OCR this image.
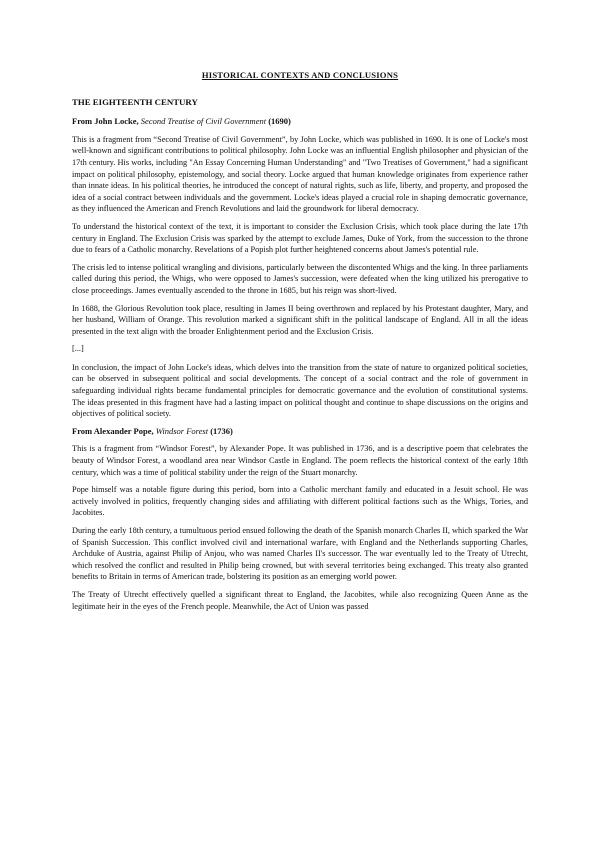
HISTORICAL CONTEXTS AND CONCLUSIONS
THE EIGHTEENTH CENTURY
From John Locke, Second Treatise of Civil Government (1690)

This is a fragment from “Second Treatise of Civil Government”, by John Locke, which was published in 1690. It is one of Locke's most well-known and significant contributions to political philosophy. John Locke was an influential English philosopher and physician of the 17th century. His works, including "An Essay Concerning Human Understanding" and "Two Treatises of Government," had a significant impact on political philosophy, epistemology, and social theory. Locke argued that human knowledge originates from experience rather than innate ideas. In his political theories, he introduced the concept of natural rights, such as life, liberty, and property, and proposed the idea of a social contract between individuals and the government. Locke's ideas played a crucial role in shaping democratic governance, as they influenced the American and French Revolutions and laid the groundwork for liberal democracy.

To understand the historical context of the text, it is important to consider the Exclusion Crisis, which took place during the late 17th century in England. The Exclusion Crisis was sparked by the attempt to exclude James, Duke of York, from the succession to the throne due to fears of a Catholic monarchy. Revelations of a Popish plot further heightened concerns about James's potential rule.

The crisis led to intense political wrangling and divisions, particularly between the discontented Whigs and the king. In three parliaments called during this period, the Whigs, who were opposed to James's succession, were defeated when the king utilized his prerogative to close proceedings. James eventually ascended to the throne in 1685, but his reign was short-lived.

In 1688, the Glorious Revolution took place, resulting in James II being overthrown and replaced by his Protestant daughter, Mary, and her husband, William of Orange. This revolution marked a significant shift in the political landscape of England. All in all the ideas presented in the text align with the broader Enlightenment period and the Exclusion Crisis.

[...]

In conclusion, the impact of John Locke's ideas, which delves into the transition from the state of nature to organized political societies, can be observed in subsequent political and social developments. The concept of a social contract and the role of government in safeguarding individual rights became fundamental principles for democratic governance and the evolution of constitutional systems. The ideas presented in this fragment have had a lasting impact on political thought and continue to shape discussions on the origins and objectives of political society.

From Alexander Pope, Windsor Forest (1736)

This is a fragment from “Windsor Forest”, by Alexander Pope. It was published in 1736, and is a descriptive poem that celebrates the beauty of Windsor Forest, a woodland area near Windsor Castle in England. The poem reflects the historical context of the early 18th century, which was a time of political stability under the reign of the Stuart monarchy.

Pope himself was a notable figure during this period, born into a Catholic merchant family and educated in a Jesuit school. He was actively involved in politics, frequently changing sides and affiliating with different political factions such as the Whigs, Tories, and Jacobites.

During the early 18th century, a tumultuous period ensued following the death of the Spanish monarch Charles II, which sparked the War of Spanish Succession. This conflict involved civil and international warfare, with England and the Netherlands supporting Charles, Archduke of Austria, against Philip of Anjou, who was named Charles II's successor. The war eventually led to the Treaty of Utrecht, which resolved the conflict and resulted in Philip being crowned, but with several territories being exchanged. This treaty also granted benefits to Britain in terms of American trade, bolstering its position as an emerging world power.

The Treaty of Utrecht effectively quelled a significant threat to England, the Jacobites, while also recognizing Queen Anne as the legitimate heir in the eyes of the French people. Meanwhile, the Act of Union was passed
